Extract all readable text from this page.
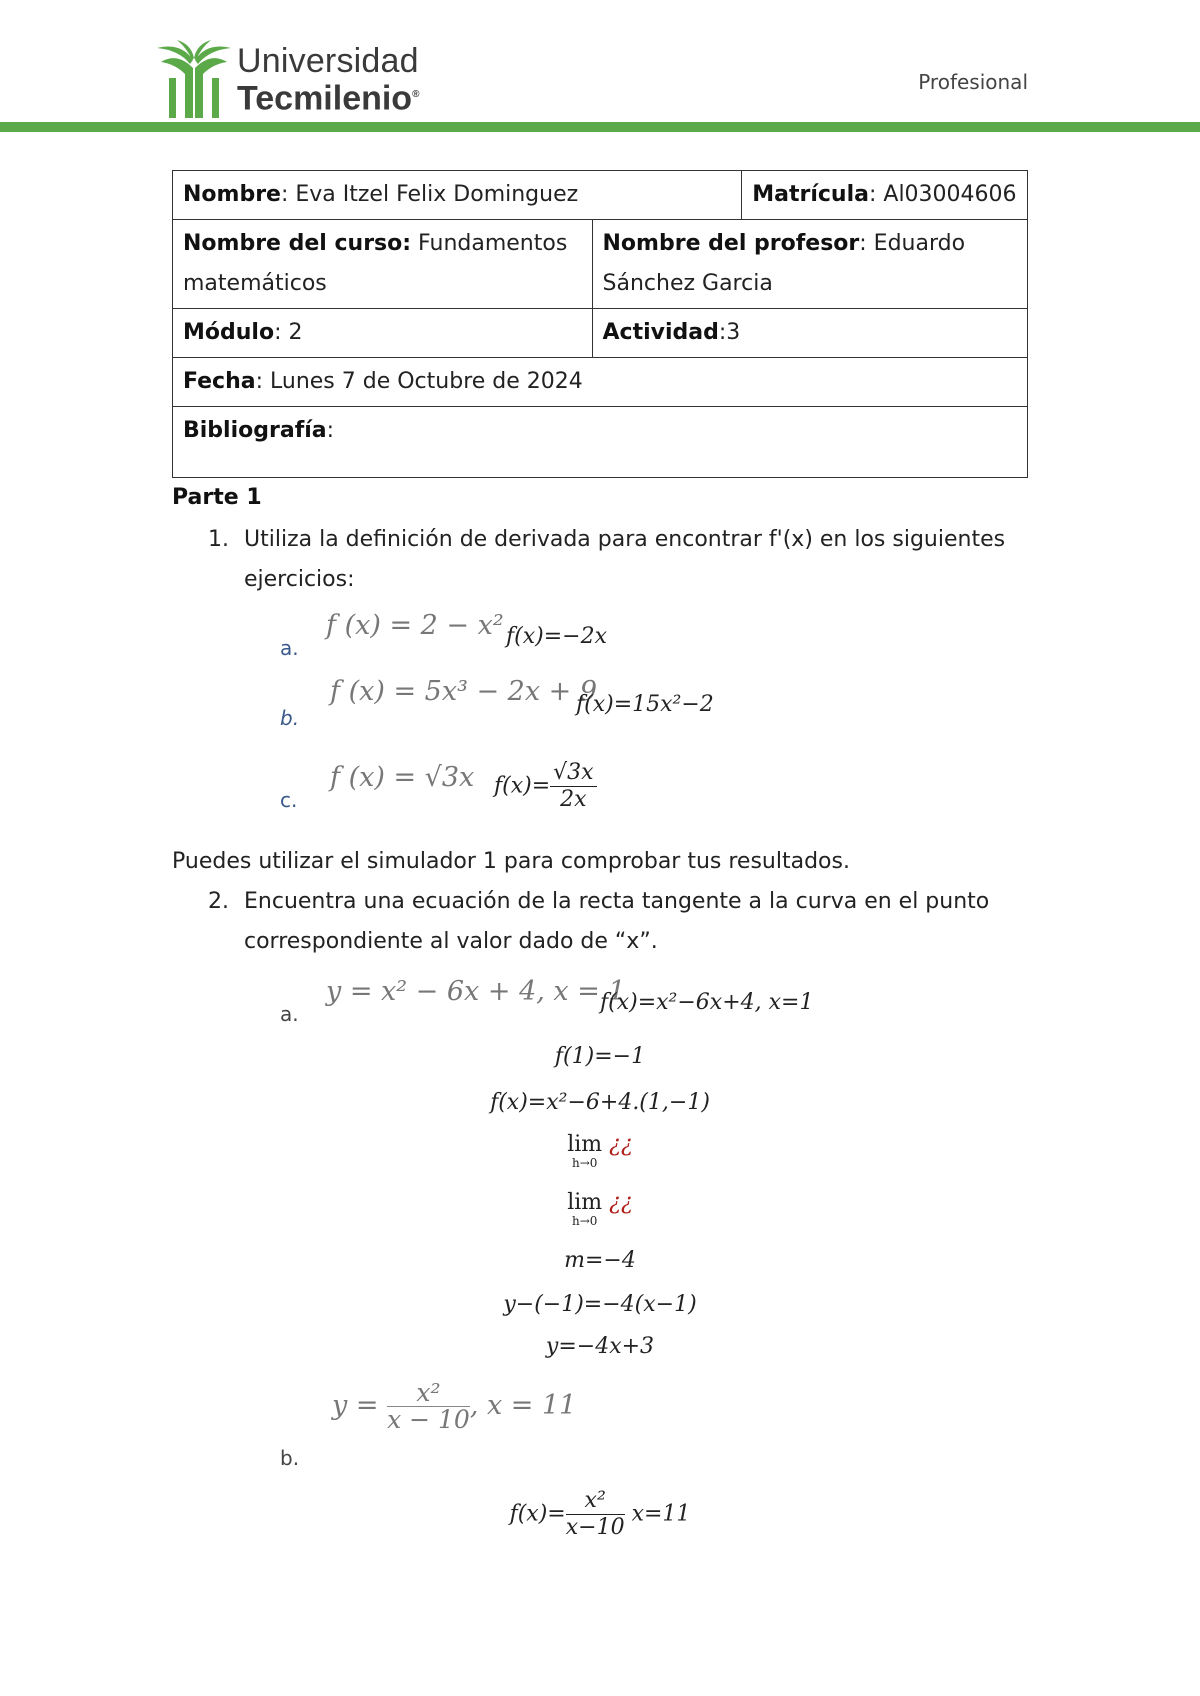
Universidad
Tecmilenio®
Profesional
Nombre: Eva Itzel Felix Dominguez		Matrícula: Al03004606
Nombre del curso: Fundamentos matemáticos	Nombre del profesor: Eduardo Sánchez Garcia	
Módulo: 2	Actividad:3	
Fecha: Lunes 7 de Octubre de 2024		
Bibliografía:		
Parte 1
1. Utiliza la definición de derivada para encontrar f'(x) en los siguientes
ejercicios:
a.
f (x) = 2 − x² f(x)=−2x
b.
f (x) = 5x³ − 2x + 9
f(x)=15x²−2
c.
f (x) = √3x $f(x)= \frac{√3x}{2x}$
Puedes utilizar el simulador 1 para comprobar tus resultados.
2. Encuentra una ecuación de la recta tangente a la curva en el punto
correspondiente al valor dado de “x”.
a.
y = x² − 6x + 4, x = 1
f(x)=x²−6x+4, x=1
f(1)=−1
f(x)=x²−6+4.(1,−1)
lim
h→0
¿¿
lim
h→0
¿¿
m=−4
y−(−1)=−4(x−1)
y=−4x+3
b.
$y = \frac{\text{x²}}{x - 10}$ , x = 11
$f(x)= \frac{\text{x²}}{x-10} x=11$
